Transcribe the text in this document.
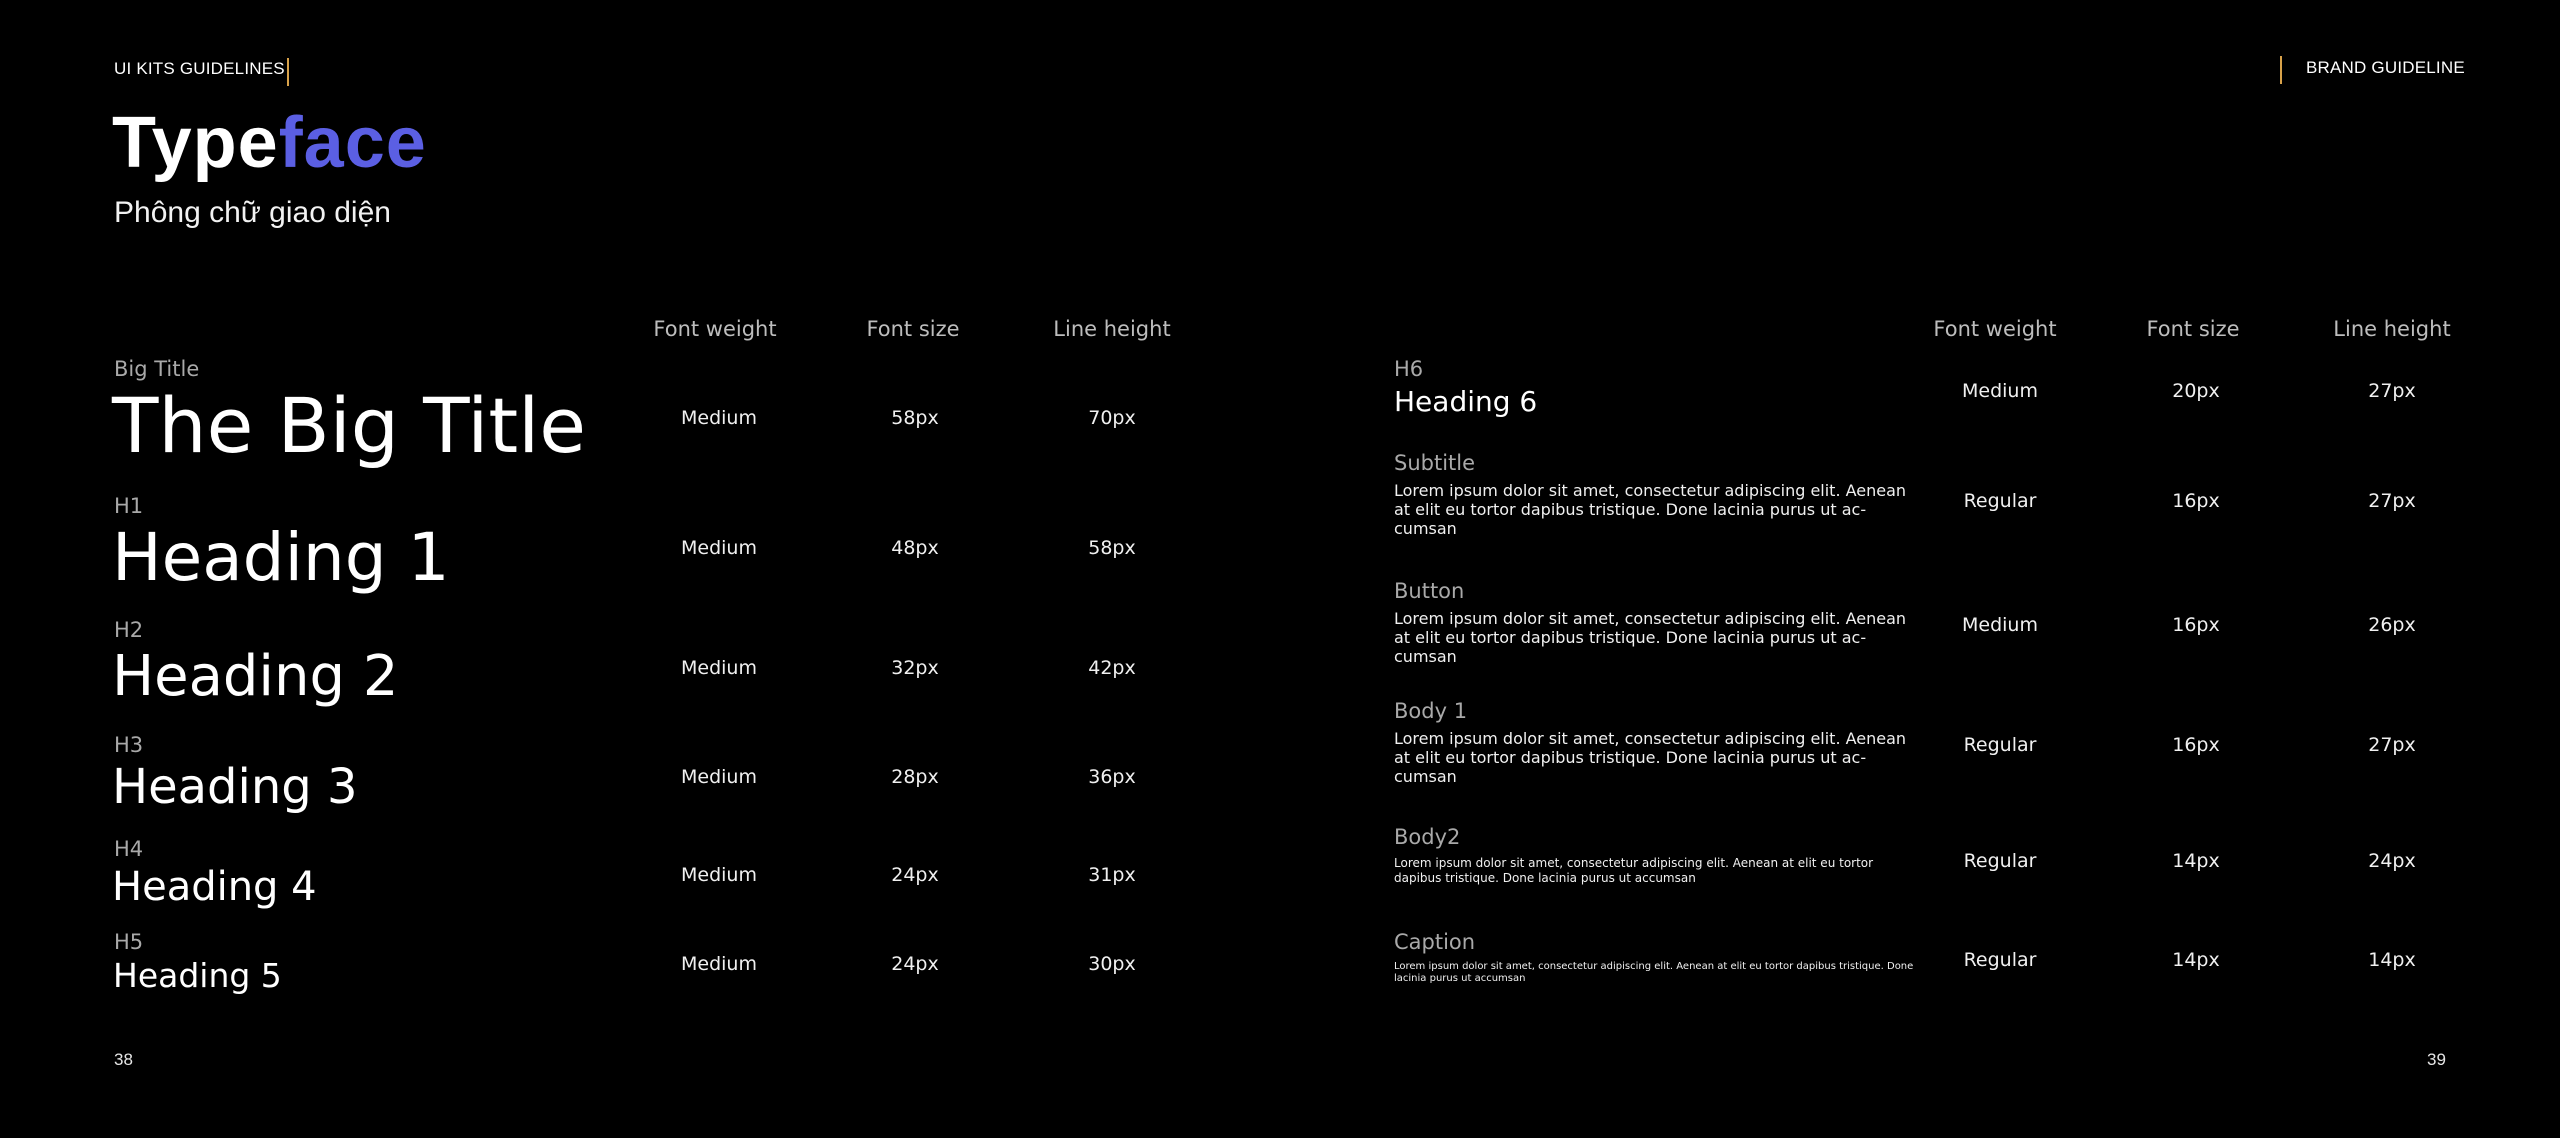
UI KITS GUIDELINES	BRAND GUIDELINE
Typeface
Phông chữ giao diện
Font weight	Font size	Line height	Font weight	Font size	Line height
Big Title
The Big Title	Medium	58px	70px
H1
Heading 1	Medium	48px	58px
H2
Heading 2	Medium	32px	42px
H3
Heading 3	Medium	28px	36px
H4
Heading 4	Medium	24px	31px
H5
Heading 5	Medium	24px	30px
H6
Heading 6	Medium	20px	27px
Subtitle
Lorem ipsum dolor sit amet, consectetur adipiscing elit. Aenean at elit eu tortor dapibus tristique. Done lacinia purus ut ac- cumsan
Regular	16px	27px
Button
Lorem ipsum dolor sit amet, consectetur adipiscing elit. Aenean at elit eu tortor dapibus tristique. Done lacinia purus ut ac- cumsan
Medium	16px	26px
Body 1
Lorem ipsum dolor sit amet, consectetur adipiscing elit. Aenean at elit eu tortor dapibus tristique. Done lacinia purus ut ac- cumsan
Regular	16px	27px
Body2
Lorem ipsum dolor sit amet, consectetur adipiscing elit. Aenean at elit eu tortor dapibus tristique. Done lacinia purus ut accumsan
Regular	14px	24px
Caption
Lorem ipsum dolor sit amet, consectetur adipiscing elit. Aenean at elit eu tortor dapibus tristique. Done lacinia purus ut accumsan
Regular	14px	14px
38	39
